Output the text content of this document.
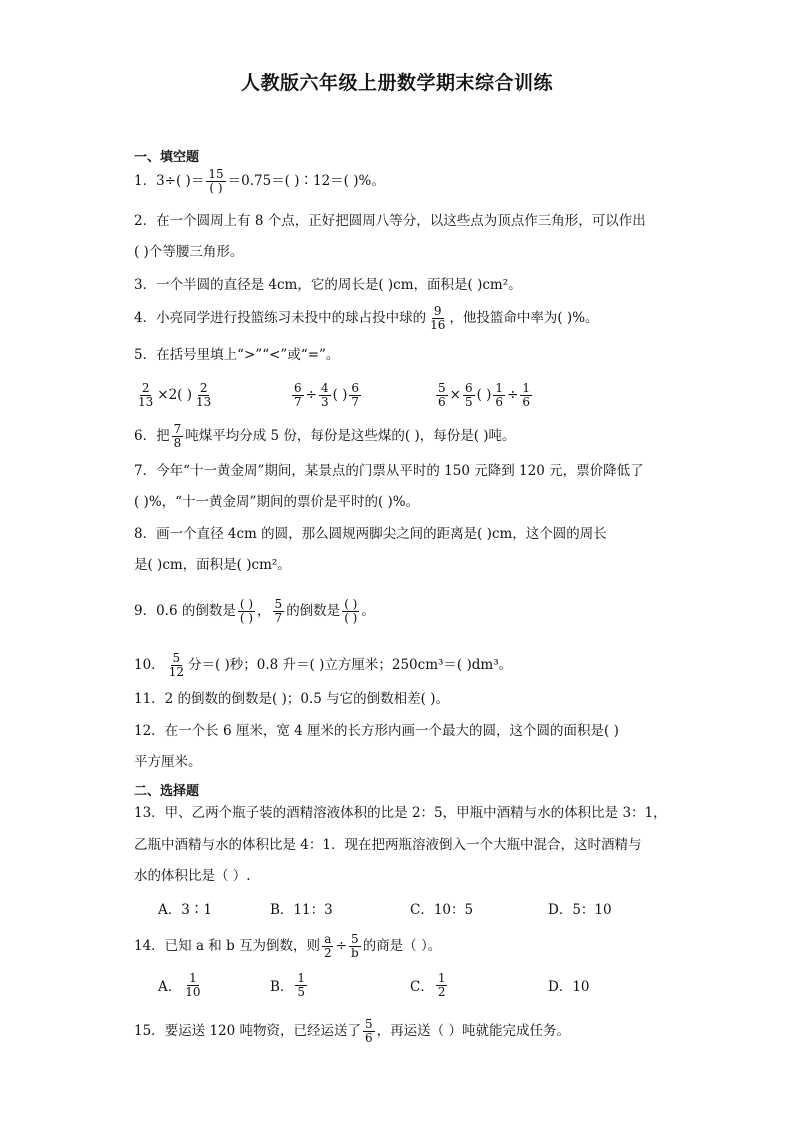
人教版六年级上册数学期末综合训练
一、填空题
1．3÷( )＝ $\frac{15}{( )} =0.75=$( )∶12＝( )%。
2．在一个圆周上有 8 个点，正好把圆周八等分，以这些点为顶点作三角形，可以作出
( )个等腰三角形。
3．一个半圆的直径是 4cm，它的周长是( )cm，面积是( )cm²。
4．小亮同学进行投篮练习未投中的球占投中球的 $\frac{9}{16}$ ，他投篮命中率为( )%。
5．在括号里填上“>”“<”或“=”。
$\frac{2}{13} \times 2$( ) $\frac{2}{13}$	$\frac{6}{7} \div \frac{4}{3}$ ( ) $\frac{6}{7}$	$\frac{5}{6} \times \frac{6}{5}$ ( ) $\frac{1}{6} \div \frac{1}{6}$
6．把 $\frac{7}{8}$ 吨煤平均分成 5 份，每份是这些煤的( )，每份是( )吨。
7．今年“十一黄金周”期间，某景点的门票从平时的 150 元降到 120 元，票价降低了
( )%，“十一黄金周”期间的票价是平时的( )%。
8．画一个直径 4cm 的圆，那么圆规两脚尖之间的距离是( )cm，这个圆的周长
是( )cm，面积是( )cm²。
9．0.6 的倒数是 $\frac{( )}{( )}$ ， $\frac{5}{7}$ 的倒数是 $\frac{( )}{( )}$ 。
10． $\frac{5}{12}$ 分＝( )秒；0.8 升＝( )立方厘米；250cm³＝( )dm³。
11．2 的倒数的倒数是( )；0.5 与它的倒数相差( )。
12．在一个长 6 厘米，宽 4 厘米的长方形内画一个最大的圆，这个圆的面积是( )
平方厘米。
二、选择题
13．甲、乙两个瓶子装的酒精溶液体积的比是 2：5，甲瓶中酒精与水的体积比是 3：1，
乙瓶中酒精与水的体积比是 4：1．现在把两瓶溶液倒入一个大瓶中混合，这时酒精与
水的体积比是（ ）.
A．3∶1	B．11：3	C．10：5	D．5：10
14．已知 a 和 b 互为倒数，则 $\frac{a}{2} \div \frac{5}{b}$ 的商是（ ）。
A． $\frac{1}{10}$	B． $\frac{1}{5}$	C． $\frac{1}{2}$	D．10
15．要运送 120 吨物资，已经运送了 $\frac{5}{6}$ ，再运送（ ）吨就能完成任务。
